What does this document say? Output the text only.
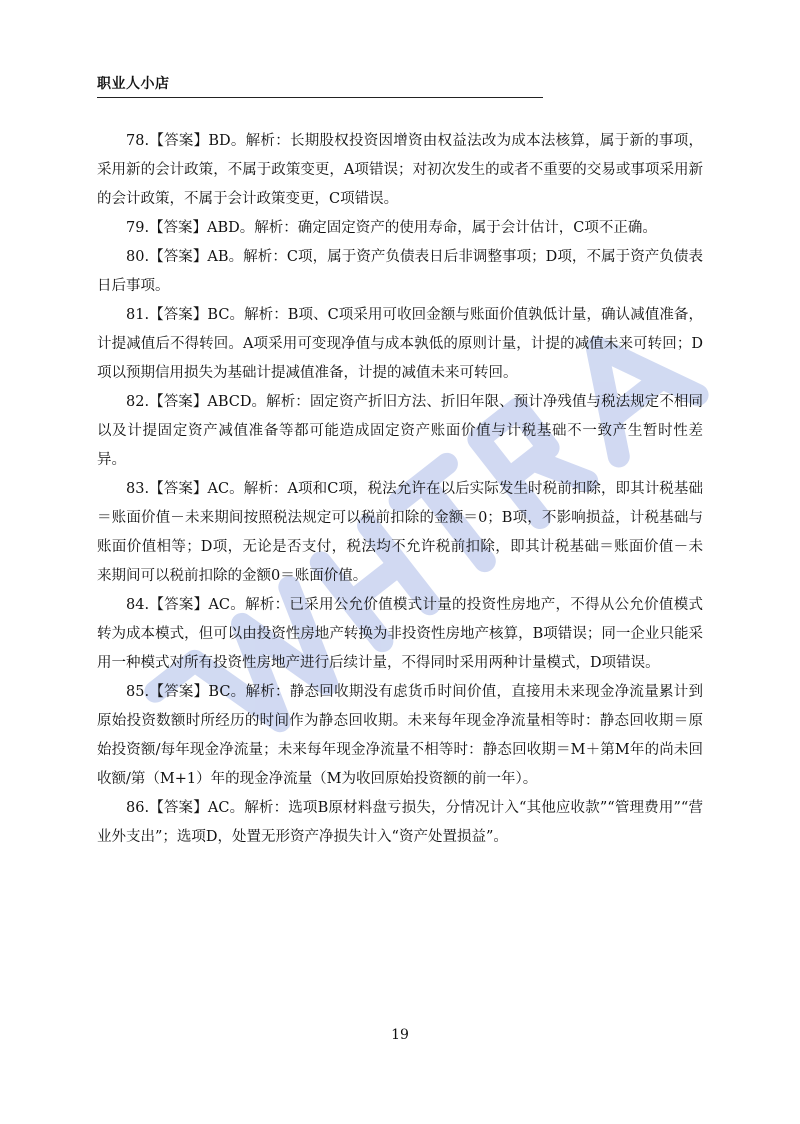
职业人小店

78.【答案】BD。解析：长期股权投资因增资由权益法改为成本法核算，属于新的事项，采用新的会计政策，不属于政策变更，A项错误；对初次发生的或者不重要的交易或事项采用新的会计政策，不属于会计政策变更，C项错误。

79.【答案】ABD。解析：确定固定资产的使用寿命，属于会计估计，C项不正确。

80.【答案】AB。解析：C项，属于资产负债表日后非调整事项；D项，不属于资产负债表日后事项。

81.【答案】BC。解析：B项、C项采用可收回金额与账面价值孰低计量，确认减值准备，计提减值后不得转回。A项采用可变现净值与成本孰低的原则计量，计提的减值未来可转回；D项以预期信用损失为基础计提减值准备，计提的减值未来可转回。

82.【答案】ABCD。解析：固定资产折旧方法、折旧年限、预计净残值与税法规定不相同以及计提固定资产减值准备等都可能造成固定资产账面价值与计税基础不一致产生暂时性差异。

83.【答案】AC。解析：A项和C项，税法允许在以后实际发生时税前扣除，即其计税基础＝账面价值－未来期间按照税法规定可以税前扣除的金额＝0；B项，不影响损益，计税基础与账面价值相等；D项，无论是否支付，税法均不允许税前扣除，即其计税基础＝账面价值－未来期间可以税前扣除的金额0＝账面价值。

84.【答案】AC。解析：已采用公允价值模式计量的投资性房地产，不得从公允价值模式转为成本模式，但可以由投资性房地产转换为非投资性房地产核算，B项错误；同一企业只能采用一种模式对所有投资性房地产进行后续计量，不得同时采用两种计量模式，D项错误。

85.【答案】BC。解析：静态回收期没有虑货币时间价值，直接用未来现金净流量累计到原始投资数额时所经历的时间作为静态回收期。未来每年现金净流量相等时：静态回收期＝原始投资额/每年现金净流量；未来每年现金净流量不相等时：静态回收期＝M＋第M年的尚未回收额/第（M+1）年的现金净流量（M为收回原始投资额的前一年）。

86.【答案】AC。解析：选项B原材料盘亏损失，分情况计入“其他应收款”“管理费用”“营业外支出”；选项D，处置无形资产净损失计入“资产处置损益”。

19
